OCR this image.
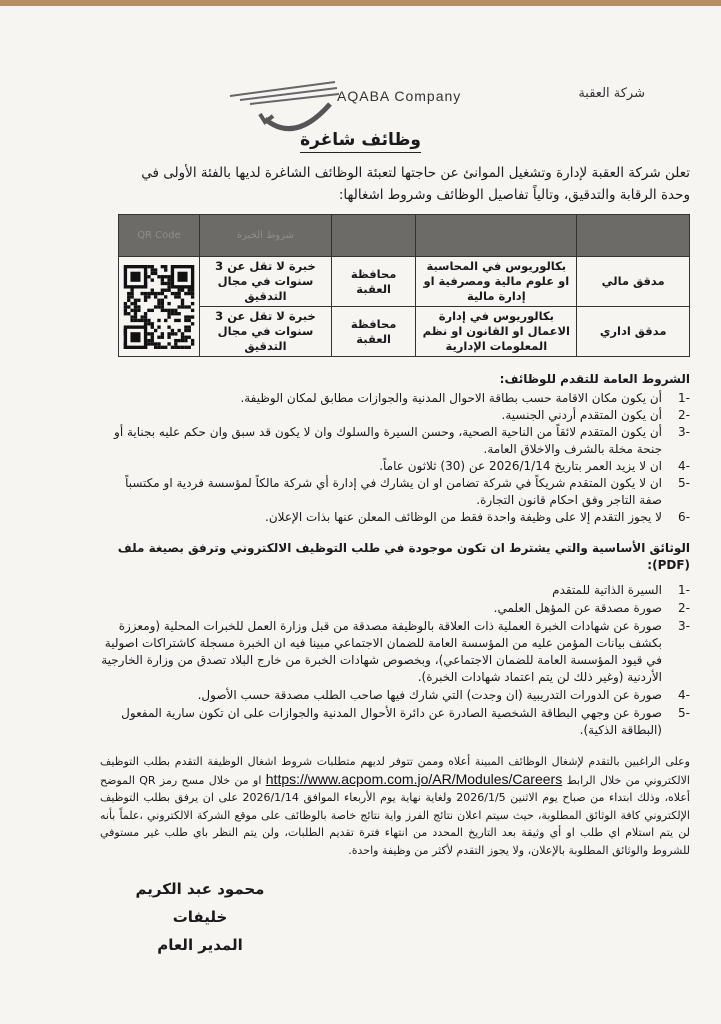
AQABA Company	شركة العقبة
وظائف شاغرة
تعلن شركة العقبة لإدارة وتشغيل الموانئ عن حاجتها لتعبئة الوظائف الشاغرة لديها بالفئة الأولى في وحدة الرقابة والتدقيق، وتالياً تفاصيل الوظائف وشروط اشغالها:
			شروط الخبرة	QR Code
مدقق مالي	بكالوريوس في المحاسبة او علوم مالية ومصرفية او إدارة مالية	محافظة العقبة	خبرة لا تقل عن 3 سنوات في مجال التدقيق	

مدقق اداري	بكالوريوس في إدارة الاعمال او القانون او نظم المعلومات الإدارية	محافظة العقبة	خبرة لا تقل عن 3 سنوات في مجال التدقيق	
الشروط العامة للتقدم للوظائف:
-1
أن يكون مكان الاقامة حسب بطاقة الاحوال المدنية والجوازات مطابق لمكان الوظيفة.
-2
أن يكون المتقدم أردني الجنسية.
-3
أن يكون المتقدم لائقاً من الناحية الصحية، وحسن السيرة والسلوك وان لا يكون قد سبق وان حكم عليه بجناية أو جنحة مخلة بالشرف والاخلاق العامة.
-4
ان لا يزيد العمر بتاريخ 2026/1/14 عن (30) ثلاثون عاماً.
-5
ان لا يكون المتقدم شريكاً في شركة تضامن او ان يشارك في إدارة أي شركة مالكاً لمؤسسة فردية او مكتسباً صفة التاجر وفق احكام قانون التجارة.
-6
لا يجوز التقدم إلا على وظيفة واحدة فقط من الوظائف المعلن عنها بذات الإعلان.
الوثائق الأساسية والتي يشترط ان تكون موجودة في طلب التوظيف الالكتروني وترفق بصيغة ملف (PDF):
-1
السيرة الذاتية للمتقدم
-2
صورة مصدقة عن المؤهل العلمي.
-3
صورة عن شهادات الخبرة العملية ذات العلاقة بالوظيفة مصدقة من قبل وزارة العمل للخبرات المحلية (ومعززة بكشف بيانات المؤمن عليه من المؤسسة العامة للضمان الاجتماعي مبينا فيه ان الخبرة مسجلة كاشتراكات اصولية في قيود المؤسسة العامة للضمان الاجتماعي)، وبخصوص شهادات الخبرة من خارج البلاد تصدق من وزارة الخارجية الأردنية (وغير ذلك لن يتم اعتماد شهادات الخبرة).
-4
صورة عن الدورات التدريبية (ان وجدت) التي شارك فيها صاحب الطلب مصدقة حسب الأصول.
-5
صورة عن وجهي البطاقة الشخصية الصادرة عن دائرة الأحوال المدنية والجوازات على ان تكون سارية المفعول (البطاقة الذكية).
وعلى الراغبين بالتقدم لإشغال الوظائف المبينة أعلاه وممن تتوفر لديهم متطلبات شروط اشغال الوظيفة التقدم بطلب التوظيف الالكتروني من خلال الرابط https://www.acpom.com.jo/AR/Modules/Careers او من خلال مسح رمز QR الموضح أعلاه، وذلك ابتداء من صباح يوم الاثنين 2026/1/5 ولغاية نهاية يوم الأربعاء الموافق 2026/1/14 على ان يرفق بطلب التوظيف الإلكتروني كافة الوثائق المطلوبة، حيث سيتم اعلان نتائج الفرز واية نتائج خاصة بالوظائف على موقع الشركة الالكتروني ،علماً بأنه لن يتم استلام اي طلب او أي وثيقة بعد التاريخ المحدد من انتهاء فترة تقديم الطلبات، ولن يتم النظر باي طلب غير مستوفي للشروط والوثائق المطلوبة بالإعلان، ولا يجوز التقدم لأكثر من وظيفة واحدة.
محمود عبد الكريم خليفات
المدير العام
